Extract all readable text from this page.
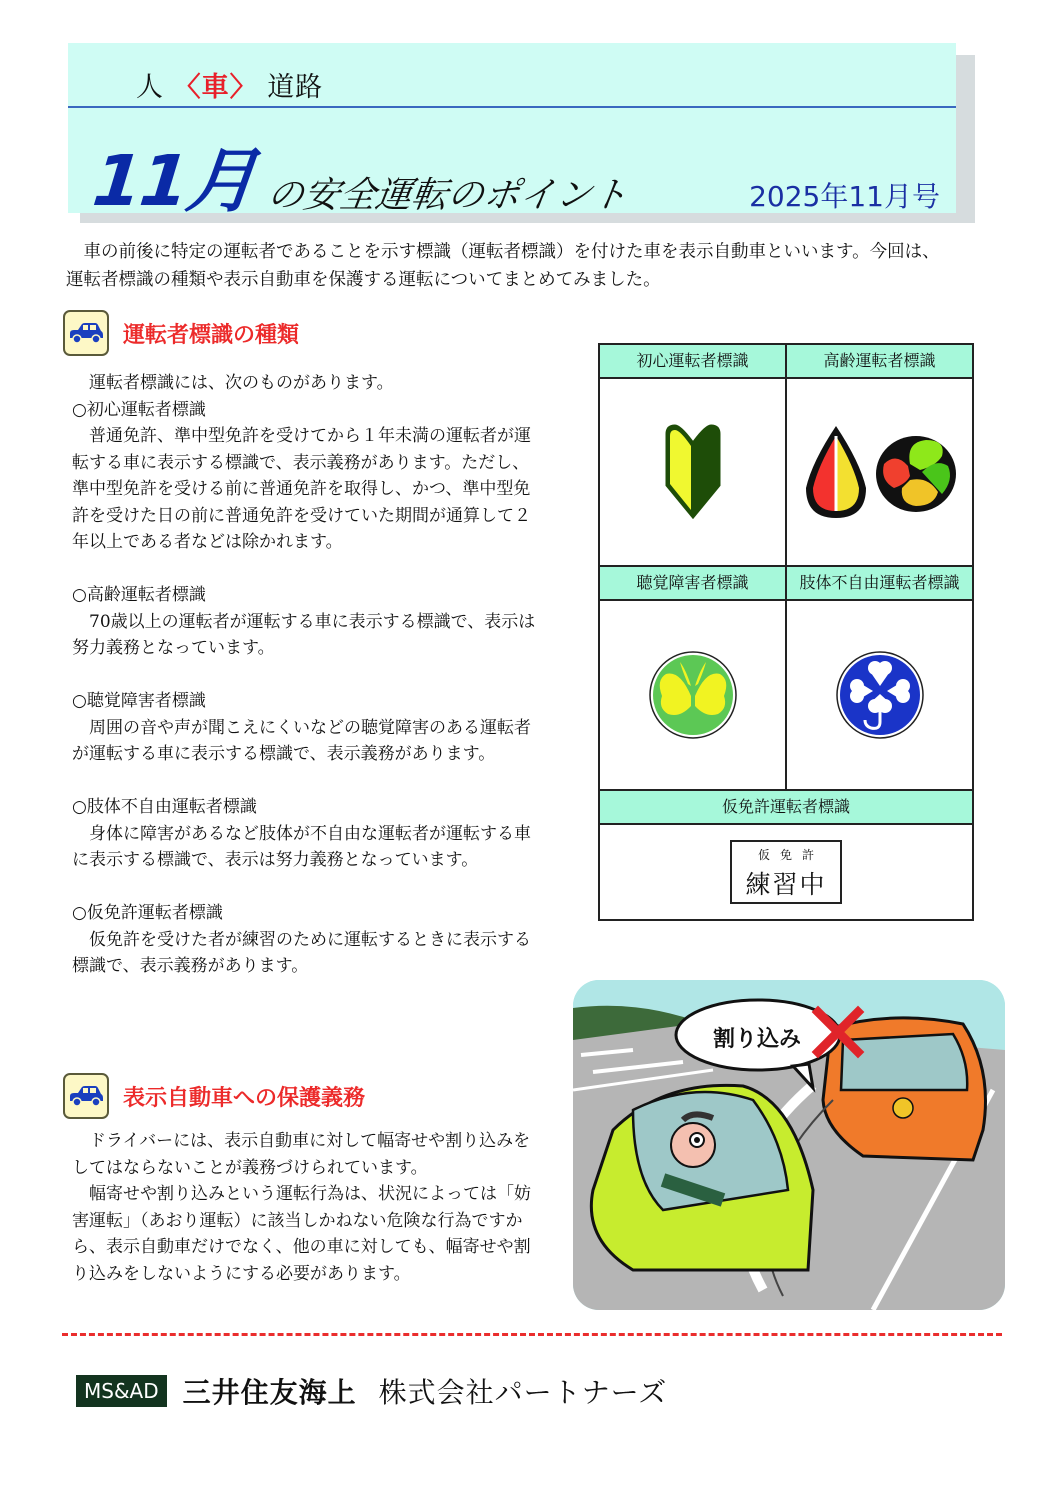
人 〈車〉 道路
11月 の安全運転のポイント	2025年11月号

車の前後に特定の運転者であることを示す標識（運転者標識）を付けた車を表示自動車といいます。今回は、運転者標識の種類や表示自動車を保護する運転についてまとめてみました。

運転者標識の種類

運転者標識には、次のものがあります。

○初心運転者標識

普通免許、準中型免許を受けてから１年未満の運転者が運転する車に表示する標識で、表示義務があります。ただし、準中型免許を受ける前に普通免許を取得し、かつ、準中型免許を受けた日の前に普通免許を受けていた期間が通算して２年以上である者などは除かれます。

○高齢運転者標識

70歳以上の運転者が運転する車に表示する標識で、表示は努力義務となっています。

○聴覚障害者標識

周囲の音や声が聞こえにくいなどの聴覚障害のある運転者が運転する車に表示する標識で、表示義務があります。

○肢体不自由運転者標識

身体に障害があるなど肢体が不自由な運転者が運転する車に表示する標識で、表示は努力義務となっています。

○仮免許運転者標識

仮免許を受けた者が練習のために運転するときに表示する標識で、表示義務があります。

表示自動車への保護義務

ドライバーには、表示自動車に対して幅寄せや割り込みをしてはならないことが義務づけられています。

幅寄せや割り込みという運転行為は、状況によっては「妨害運転」（あおり運転）に該当しかねない危険な行為ですから、表示自動車だけでなく、他の車に対しても、幅寄せや割り込みをしないようにする必要があります。

初心運転者標識	高齢運転者標識
聴覚障害者標識	肢体不自由運転者標識
仮免許運転者標識
仮免許
練習中
割り込み
MS&AD 三井住友海上 株式会社パートナーズ
